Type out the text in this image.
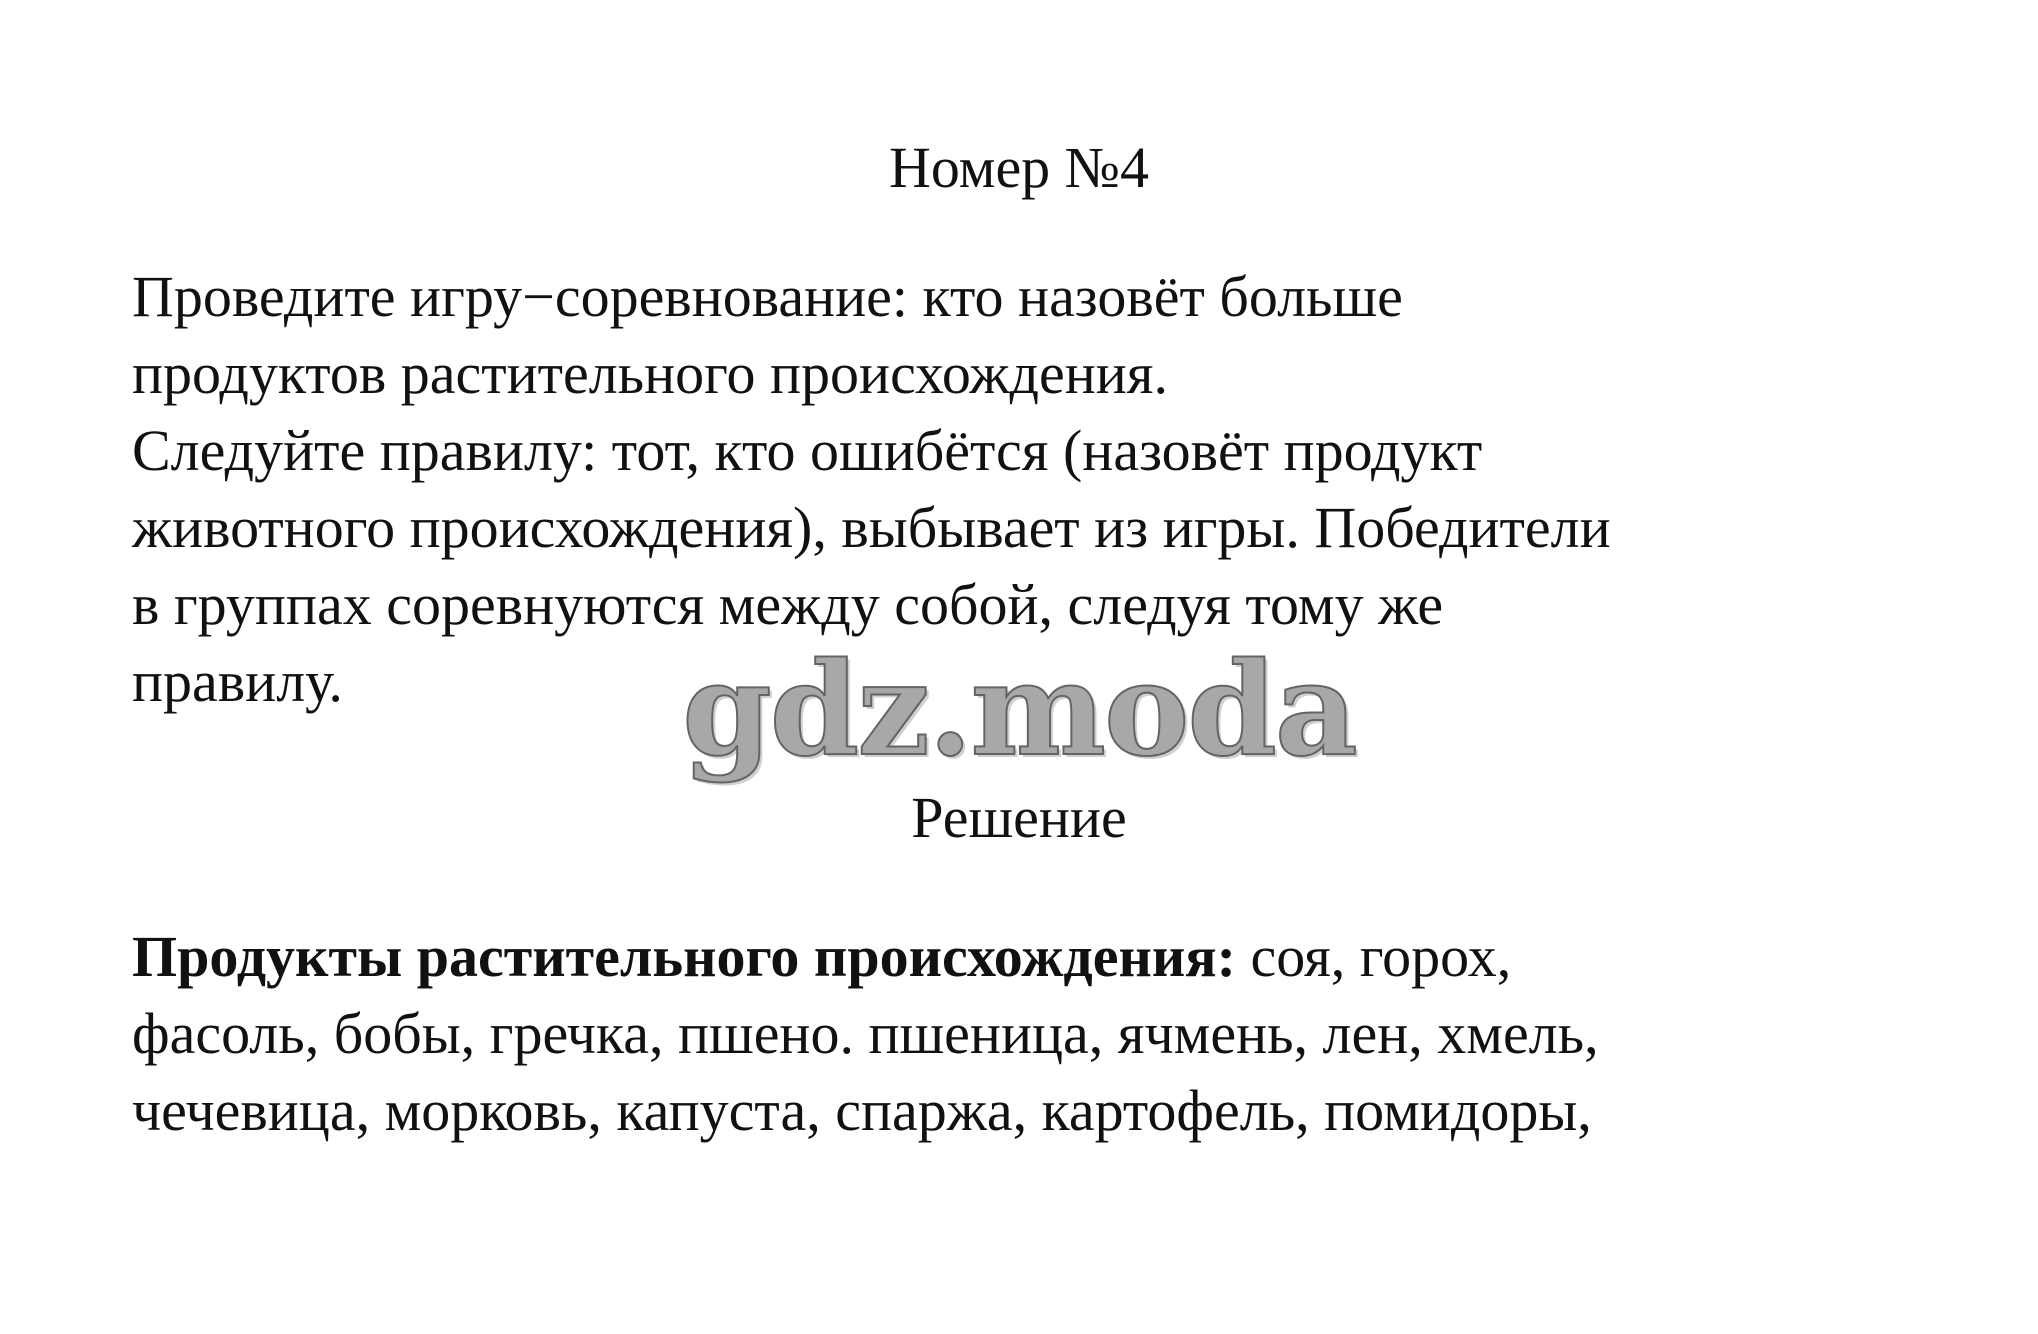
Номер №4

Проведите игру−соревнование: кто назовёт больше

продуктов растительного происхождения.

Следуйте правилу: тот, кто ошибётся (назовёт продукт

животного происхождения), выбывает из игры. Победители

в группах соревнуются между собой, следуя тому же

правилу.	gdz.moda
Решение
Продукты растительного происхождения: соя, горох,
фасоль, бобы, гречка, пшено. пшеница, ячмень, лен, хмель,
чечевица, морковь, капуста, спаржа, картофель, помидоры,
